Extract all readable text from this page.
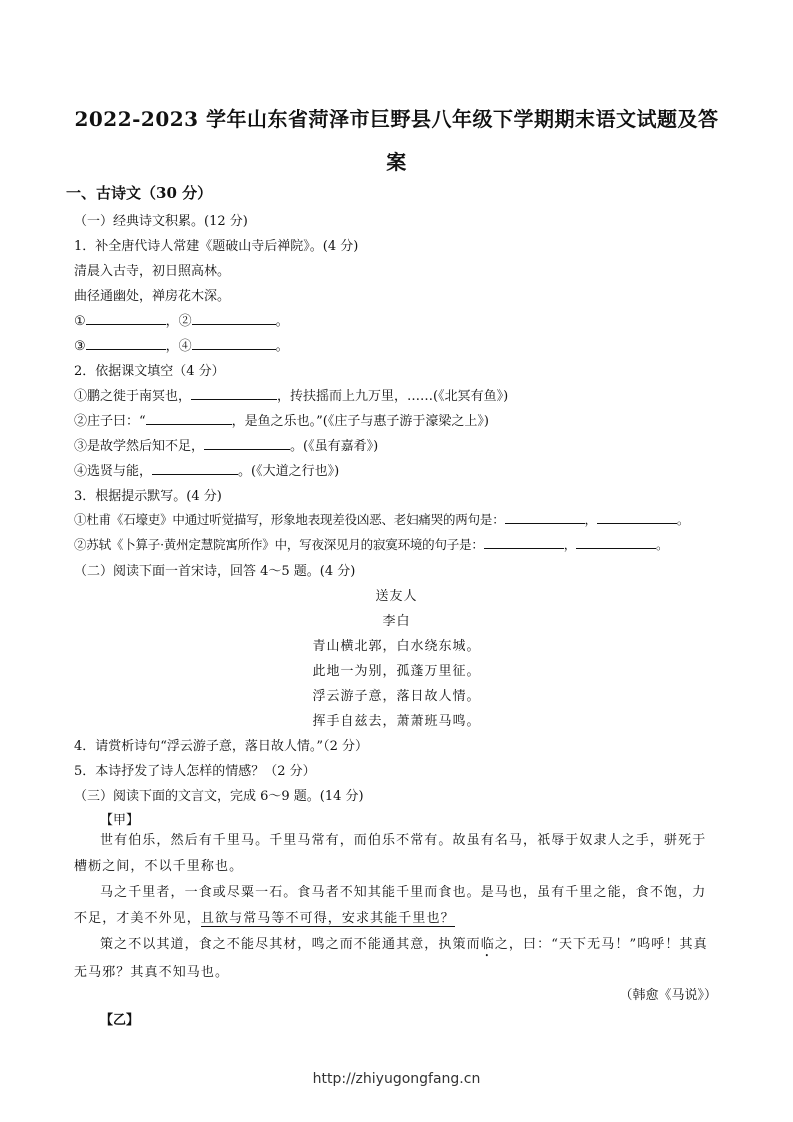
2022-2023 学年山东省菏泽市巨野县八年级下学期期末语文试题及答
案
一、古诗文（30 分）
（一）经典诗文积累。(12 分)
1．补全唐代诗人常建《题破山寺后禅院》。(4 分)
清晨入古寺，初日照高林。
曲径通幽处，禅房花木深。
①	，②	。
③	，④	。
2．依据课文填空（4 分）
①鹏之徙于南冥也，	，抟扶摇而上九万里，……(《北冥有鱼》)
②庄子曰：“	，是鱼之乐也。”(《庄子与惠子游于濠梁之上》)
③是故学然后知不足，	。(《虽有嘉肴》)
④选贤与能，	。(《大道之行也》)
3．根据提示默写。(4 分)
①杜甫《石壕吏》中通过听觉描写，形象地表现差役凶恶、老妇痛哭的两句是：	，	。
②苏轼《卜算子·黄州定慧院寓所作》中，写夜深见月的寂寞环境的句子是：	，	。
（二）阅读下面一首宋诗，回答 4～5 题。(4 分)
送友人
李白
青山横北郭，白水绕东城。
此地一为别，孤蓬万里征。
浮云游子意，落日故人情。
挥手自兹去，萧萧班马鸣。
4．请赏析诗句“浮云游子意，落日故人情。”（2 分）
5．本诗抒发了诗人怎样的情感？（2 分）
（三）阅读下面的文言文，完成 6～9 题。(14 分)
【甲】
世有伯乐，然后有千里马。千里马常有，而伯乐不常有。故虽有名马，祇辱于奴隶人之手，骈死于槽枥之间，不以千里称也。
马之千里者，一食或尽粟一石。食马者不知其能千里而食也。是马也，虽有千里之能，食不饱，力不足，才美不外见，且欲与常马等不可得，安求其能千里也？
策之不以其道，食之不能尽其材，鸣之而不能通其意，执策而临之，曰：“天下无马！”呜呼！其真无马邪？其真不知马也。
（韩愈《马说》）
【乙】
http://zhiyugongfang.cn
